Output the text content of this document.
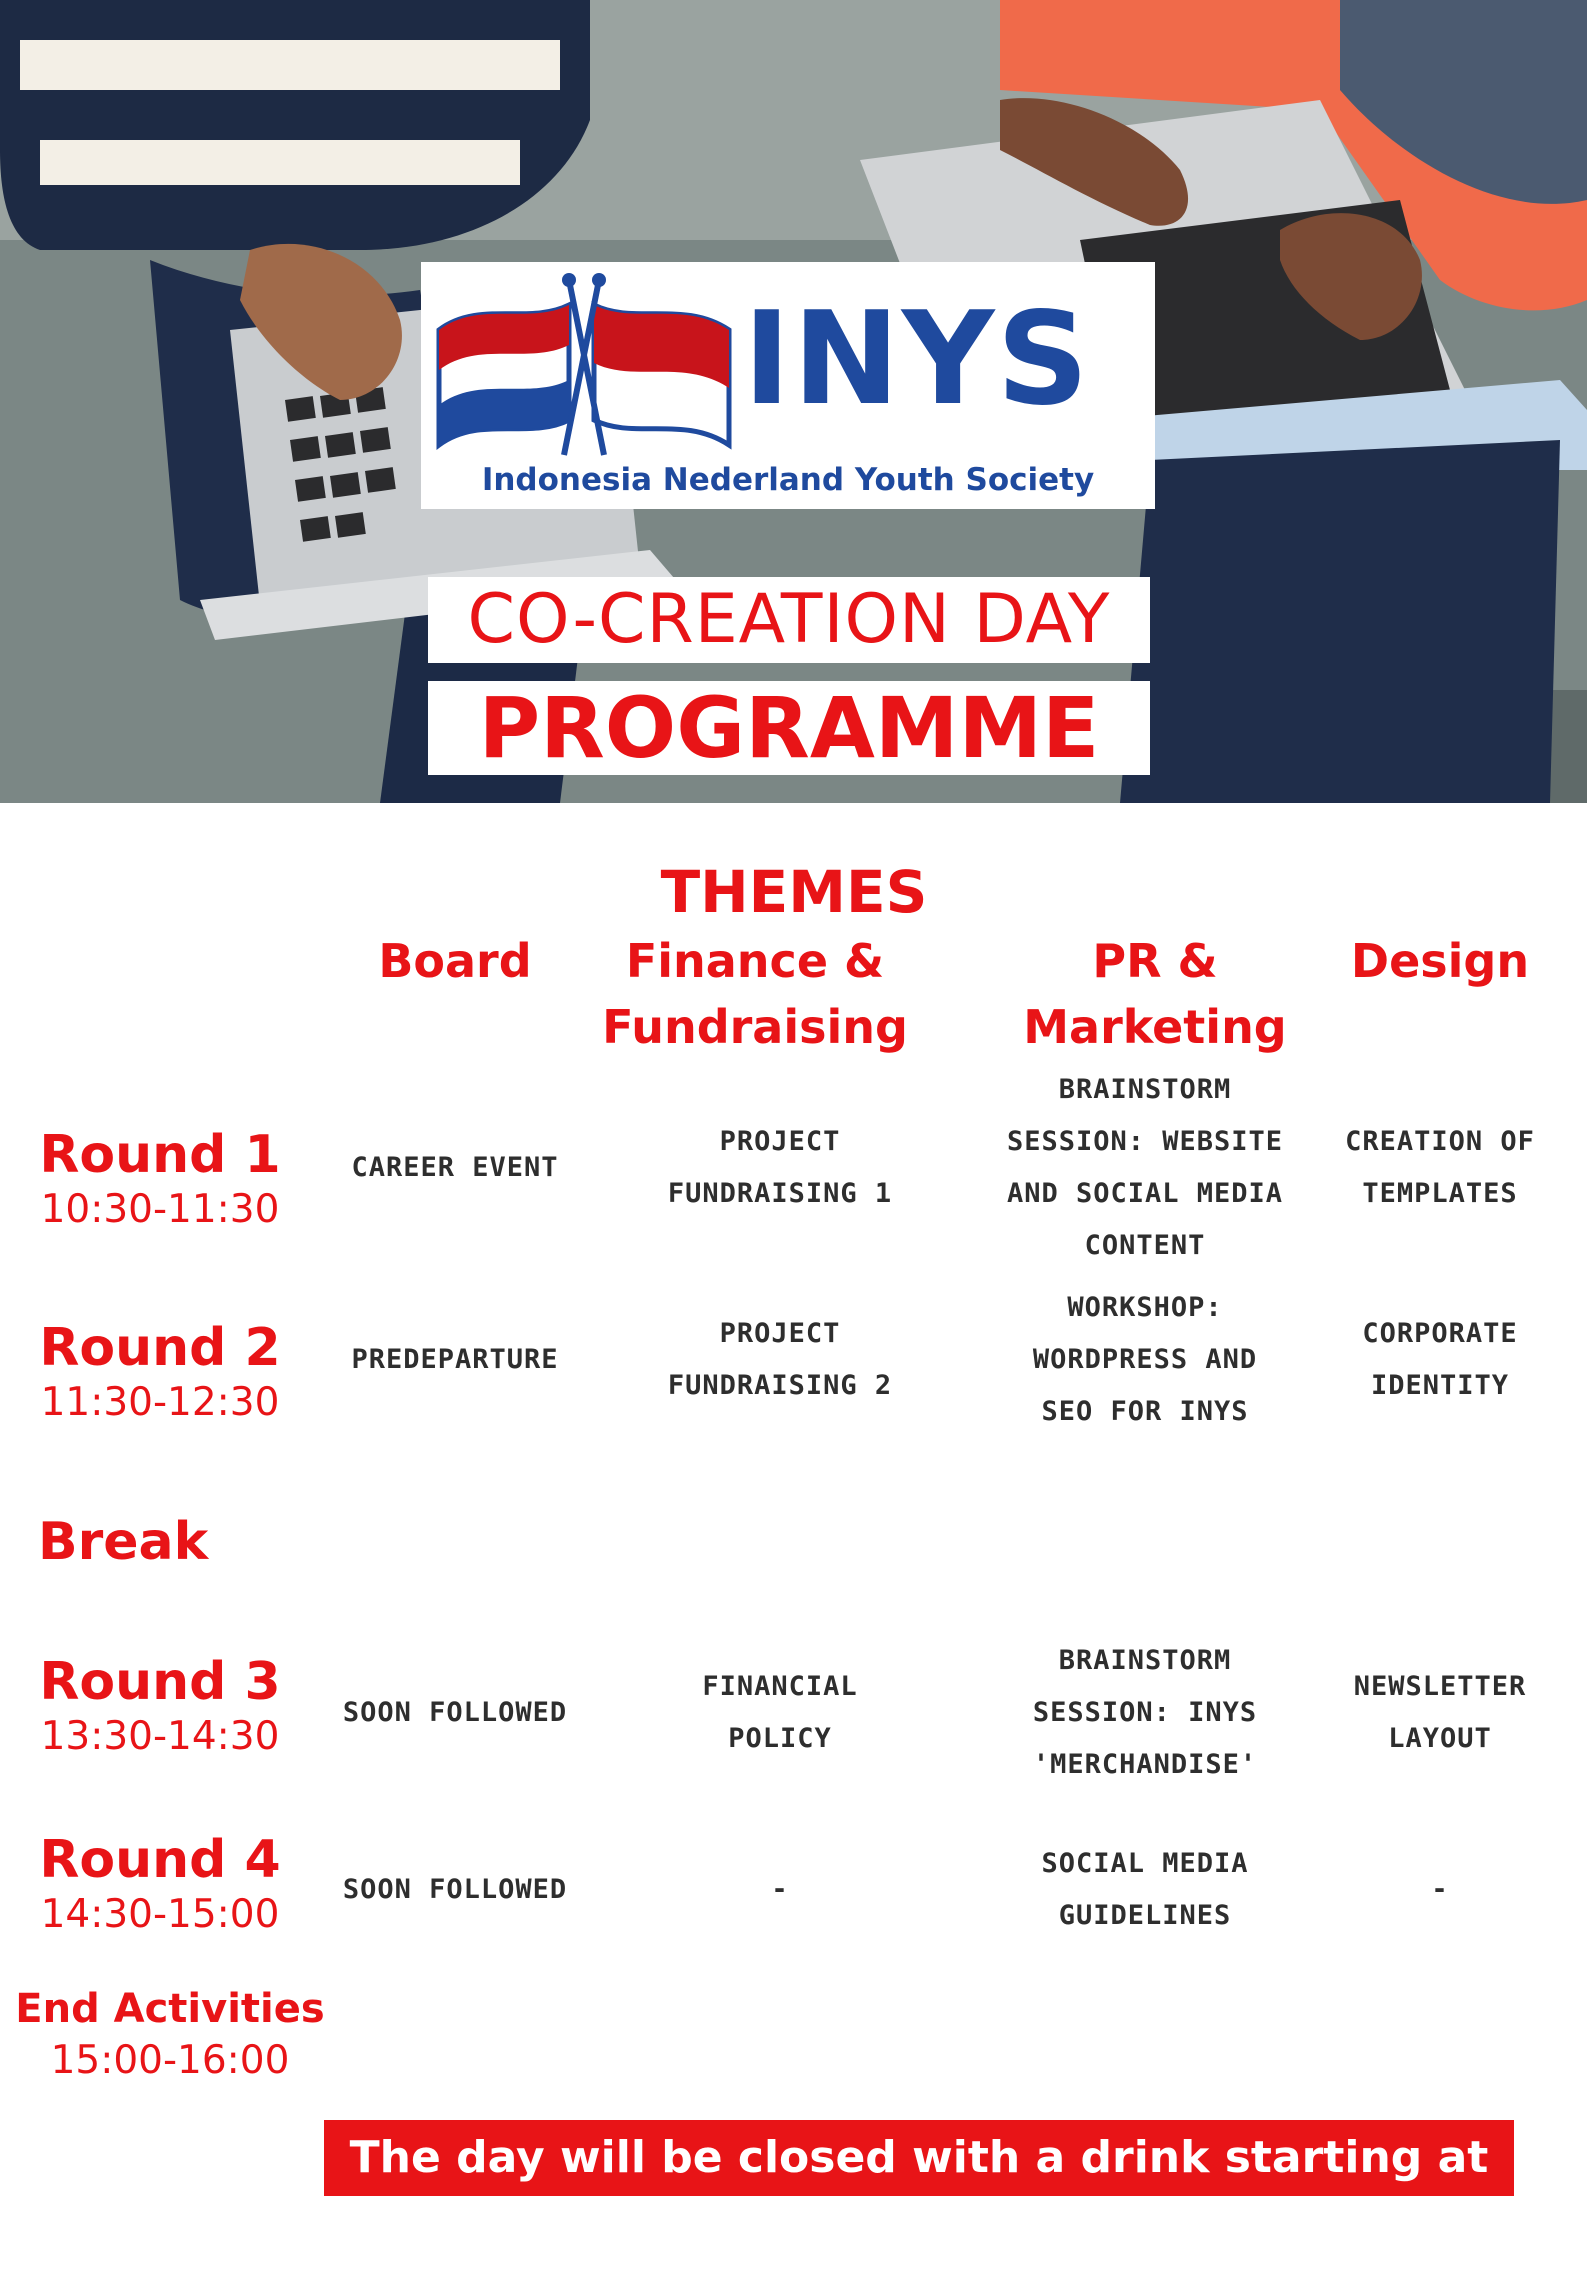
INYS
Indonesia Nederland Youth Society
CO-CREATION DAY
PROGRAMME
THEMES
Board	Finance &
Fundraising
PR &
Marketing
Design
Round 1
10:30-11:30
CAREER EVENT
PROJECT
FUNDRAISING 1
BRAINSTORM
SESSION: WEBSITE
AND SOCIAL MEDIA
CONTENT
CREATION OF
TEMPLATES
Round 2
11:30-12:30
PREDEPARTURE
PROJECT
FUNDRAISING 2
WORKSHOP:
WORDPRESS AND
SEO FOR INYS
CORPORATE
IDENTITY
Round 3
13:30-14:30
SOON FOLLOWED
FINANCIAL
POLICY
BRAINSTORM
SESSION: INYS
'MERCHANDISE'
NEWSLETTER
LAYOUT
Round 4
14:30-15:00
SOON FOLLOWED	-
SOCIAL MEDIA
GUIDELINES
-
Break
End Activities
15:00-16:00
The day will be closed with a drink starting at 16:00
